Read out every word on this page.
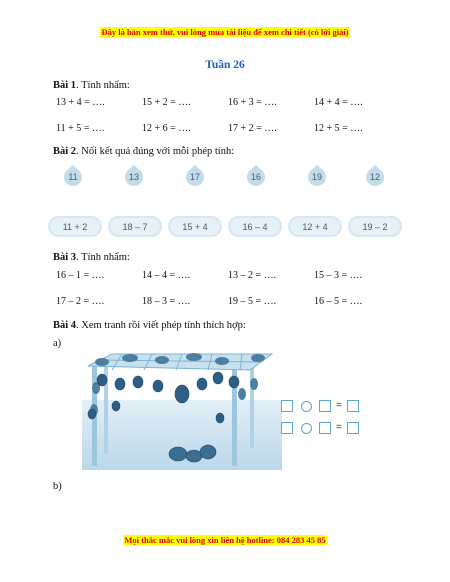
Đây là bản xem thử, vui lòng mua tài liệu để xem chi tiết (có lời giải)
Tuần 26
Bài 1. Tính nhẩm:
13 + 4 = ….	15 + 2 = ….	16 + 3 = ….	14 + 4 = ….
11 + 5 = ….	12 + 6 = ….	17 + 2 = ….	12 + 5 = ….
Bài 2. Nối kết quả đúng với mỗi phép tính:
11	13	17	16	19	12
11 + 2	18 – 7	15 + 4	16 – 4	12 + 4	19 – 2
Bài 3. Tính nhẩm:
16 – 1 = ….	14 – 4 = ….	13 – 2 = ….	15 – 3 = ….
17 – 2 = ….	18 – 3 = ….	19 – 5 = ….	16 – 5 = ….
Bài 4. Xem tranh rồi viết phép tính thích hợp:
a)
=
=
b)
Mọi thắc mắc vui lòng xin liên hệ hotline: 084 283 45 85
